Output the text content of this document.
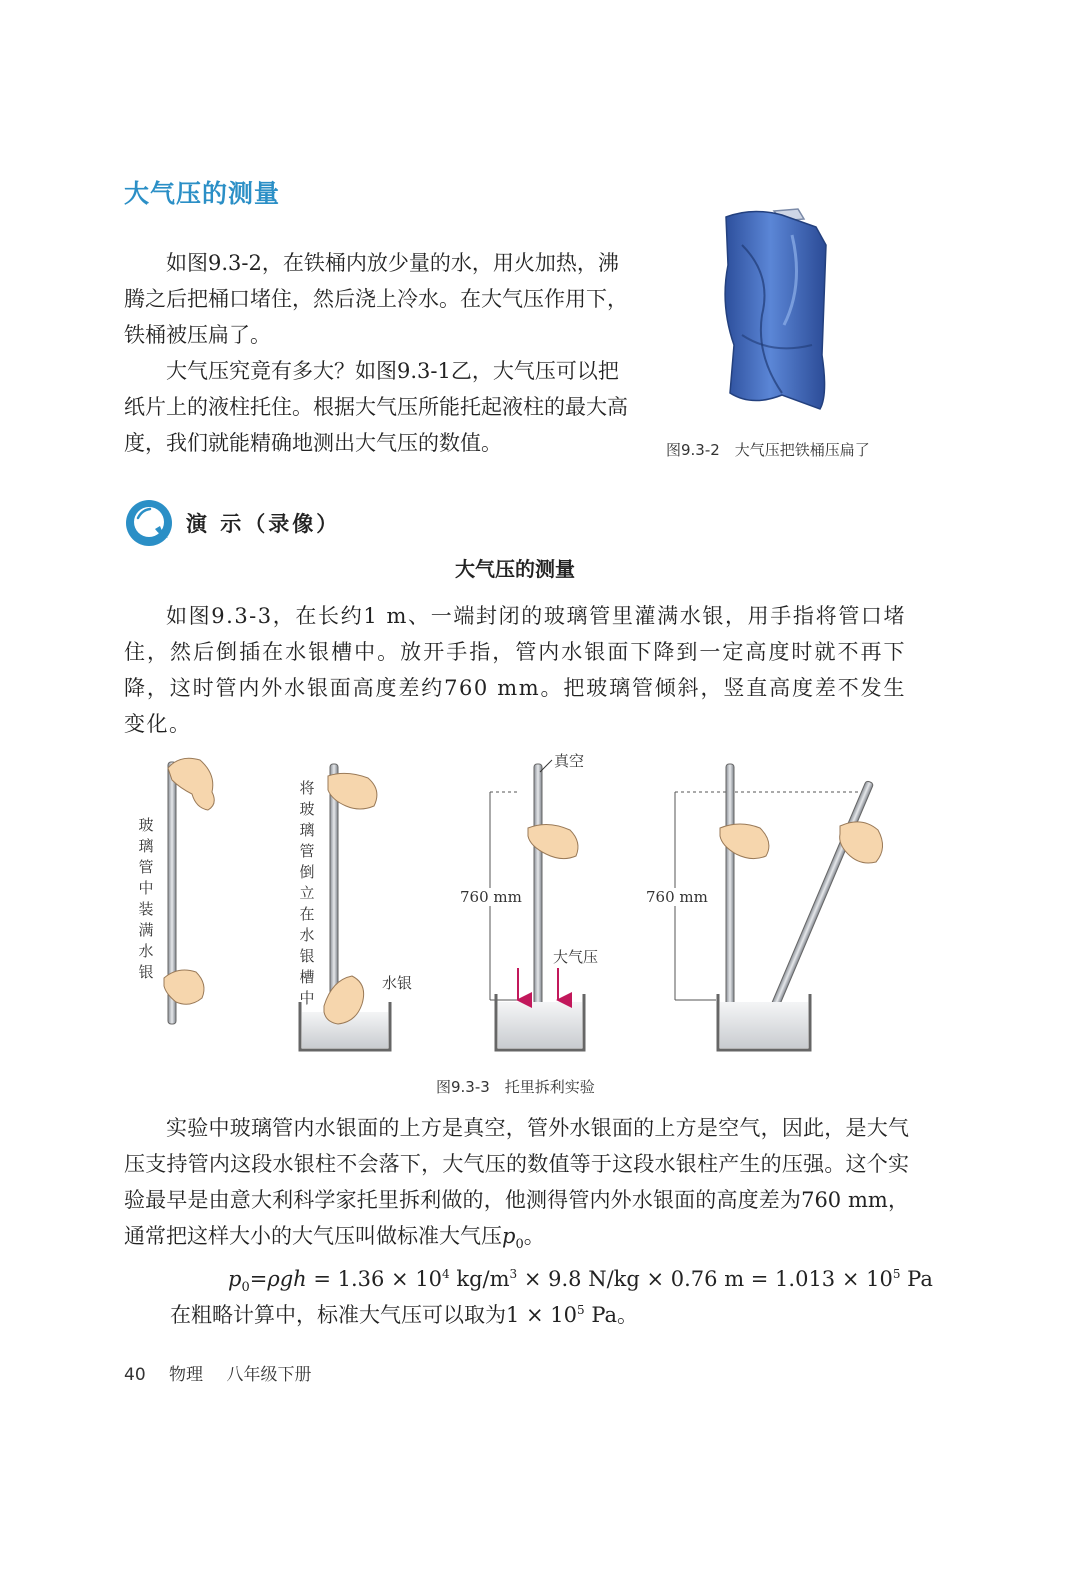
大气压的测量

如图9.3-2，在铁桶内放少量的水，用火加热，沸腾之后把桶口堵住，然后浇上冷水。在大气压作用下，铁桶被压扁了。

大气压究竟有多大？如图9.3-1乙，大气压可以把纸片上的液柱托住。根据大气压所能托起液柱的最大高度，我们就能精确地测出大气压的数值。	图9.3-2　大气压把铁桶压扁了
演 示（录像）
大气压的测量

如图9.3-3，在长约1 m、一端封闭的玻璃管里灌满水银，用手指将管口堵住，然后倒插在水银槽中。放开手指，管内水银面下降到一定高度时就不再下降，这时管内外水银面高度差约760 mm。把玻璃管倾斜，竖直高度差不发生变化。

玻璃管中装满水银
将玻璃管倒立在水银槽中
水银
真空
大气压
760 mm	760 mm
图9.3-3　托里拆利实验

实验中玻璃管内水银面的上方是真空，管外水银面的上方是空气，因此，是大气压支持管内这段水银柱不会落下，大气压的数值等于这段水银柱产生的压强。这个实验最早是由意大利科学家托里拆利做的，他测得管内外水银面的高度差为760 mm，通常把这样大小的大气压叫做标准大气压$p_0$。

$p_0=\rho gh = 1.36 \times 10^4$ $kg/m^3 \times 9.8$ N/kg × 0.76 $m = 1.013 \times 10^5$ Pa
在粗略计算中，标准大气压可以取为$1 \times 10^5$ Pa。
40 物理 八年级下册
